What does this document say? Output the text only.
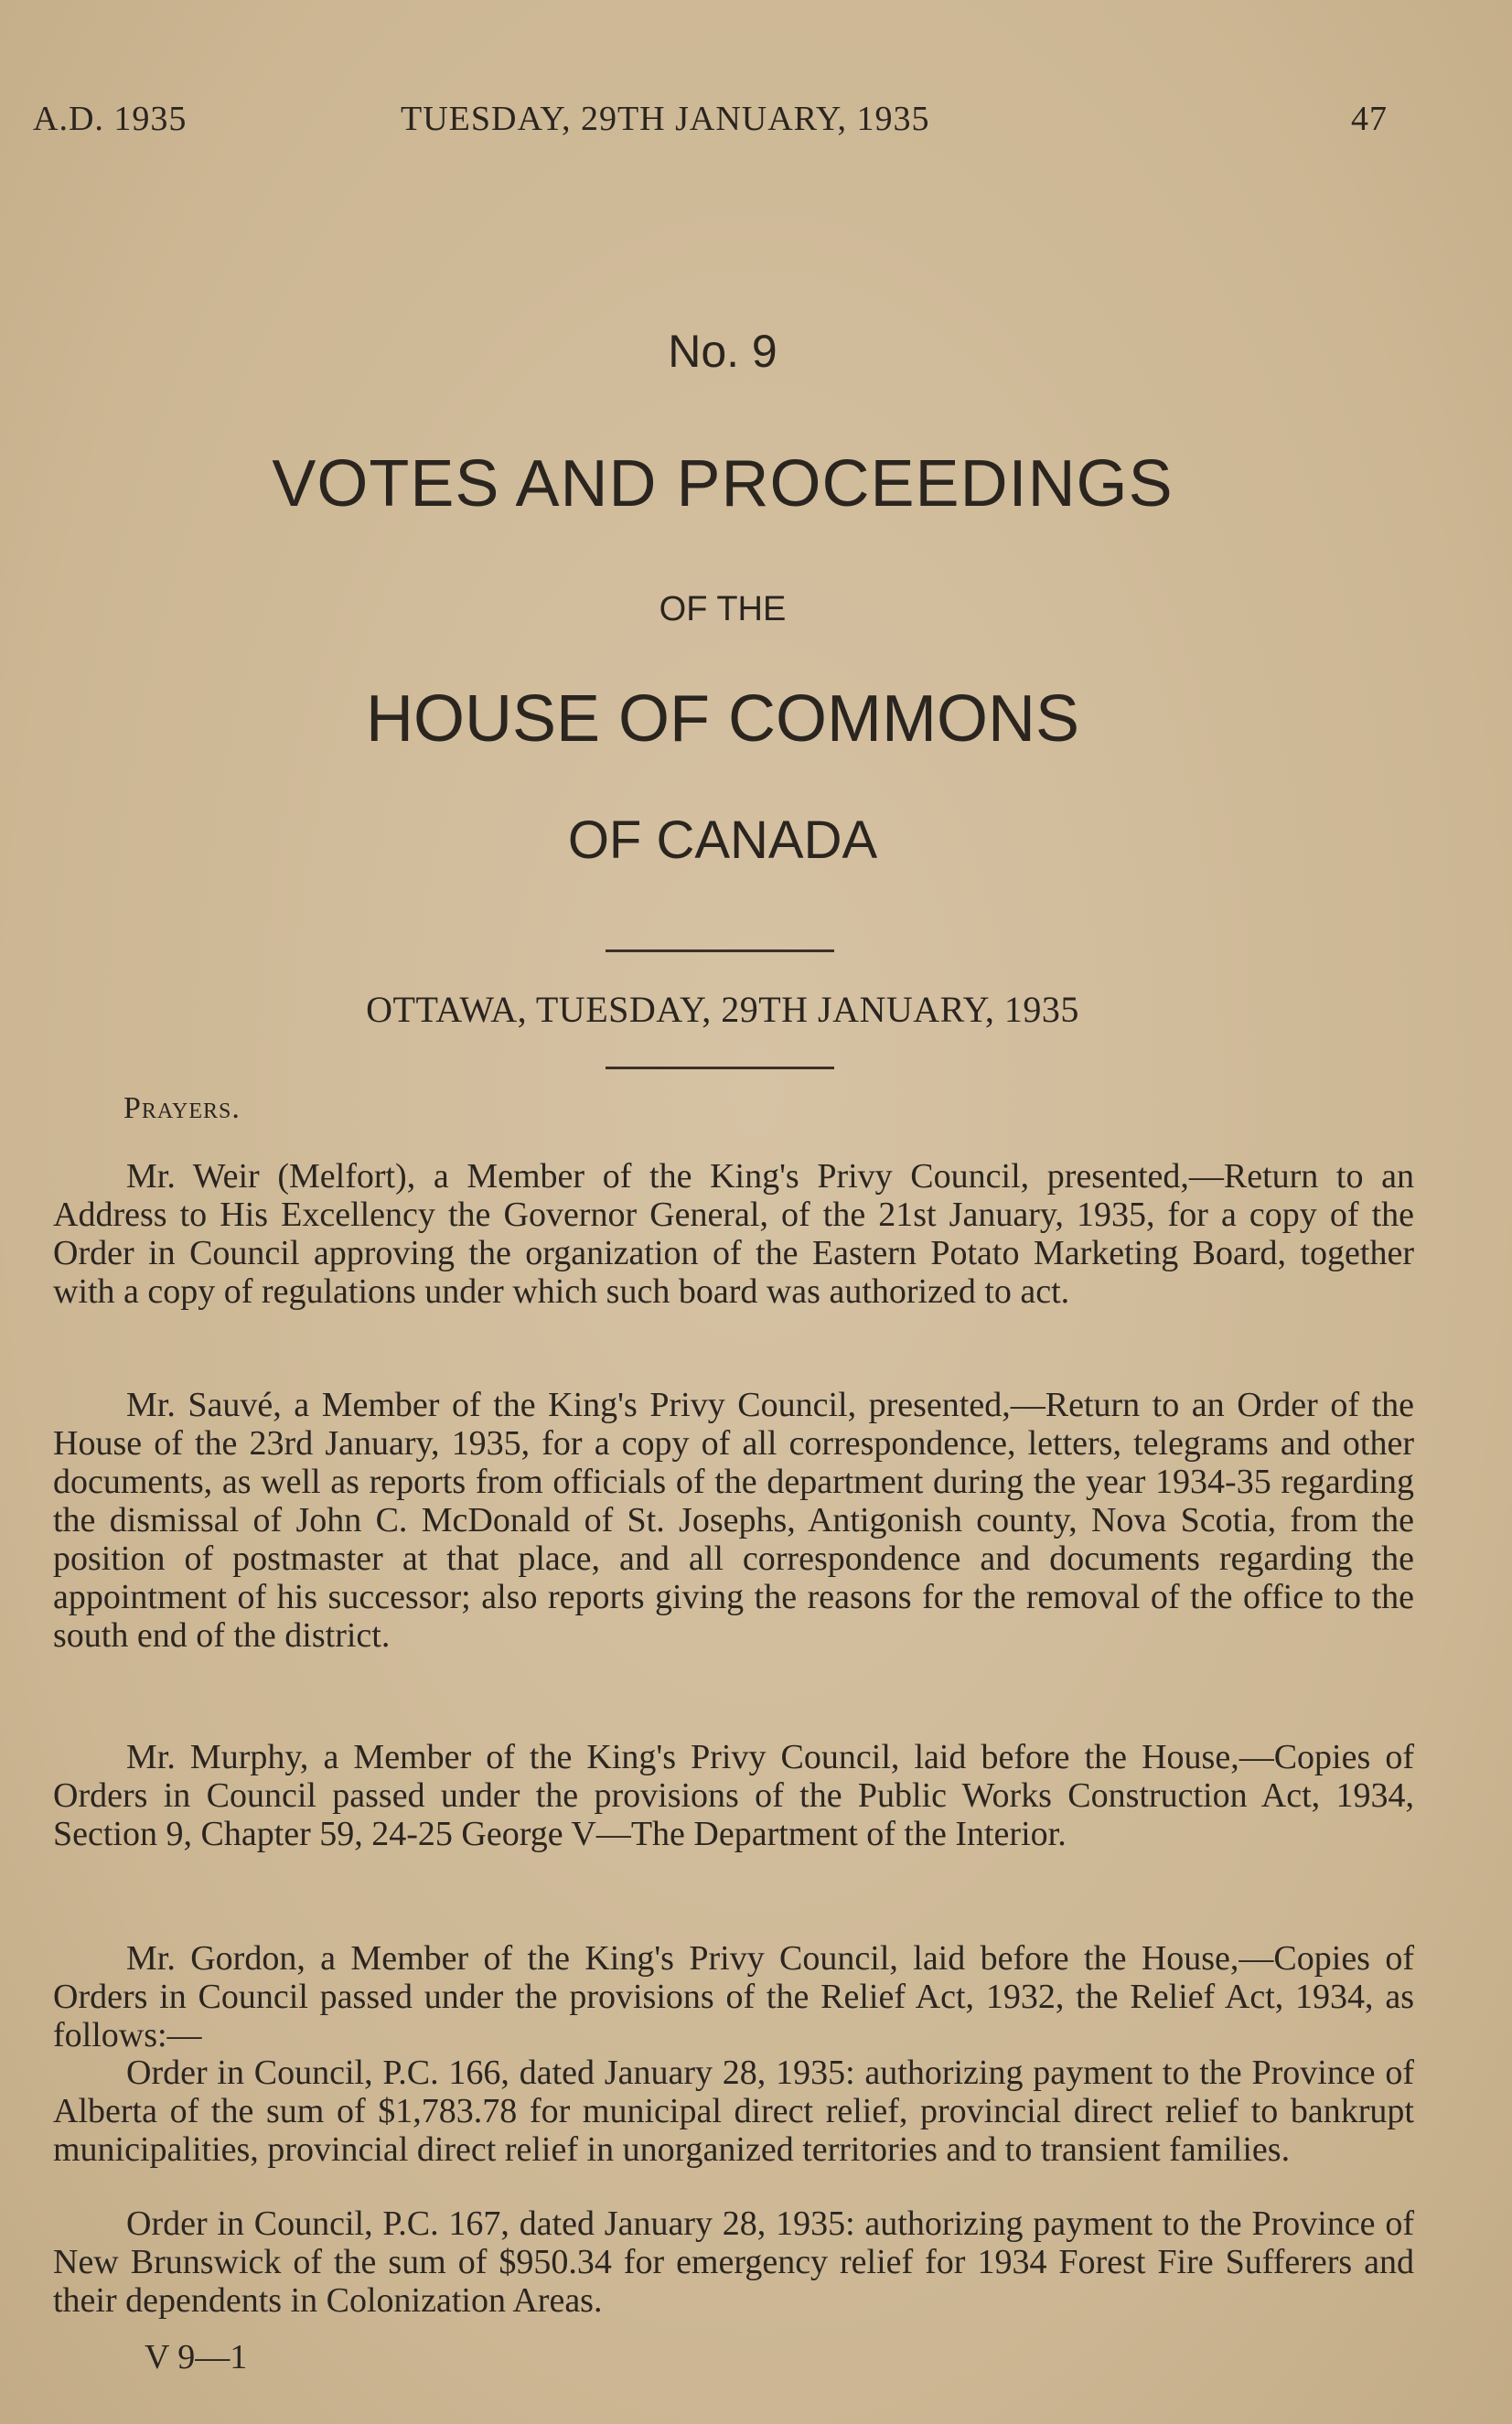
A.D. 1935	TUESDAY, 29TH JANUARY, 1935	47
No. 9
VOTES AND PROCEEDINGS
OF THE
HOUSE OF COMMONS
OF CANADA
OTTAWA, TUESDAY, 29TH JANUARY, 1935
Prayers.

Mr. Weir (Melfort), a Member of the King's Privy Council, presented,—Return to an Address to His Excellency the Governor General, of the 21st January, 1935, for a copy of the Order in Council approving the organization of the Eastern Potato Marketing Board, together with a copy of regulations under which such board was authorized to act.

Mr. Sauvé, a Member of the King's Privy Council, presented,—Return to an Order of the House of the 23rd January, 1935, for a copy of all correspondence, letters, telegrams and other documents, as well as reports from officials of the department during the year 1934-35 regarding the dismissal of John C. McDonald of St. Josephs, Antigonish county, Nova Scotia, from the position of postmaster at that place, and all correspondence and documents regarding the appointment of his successor; also reports giving the reasons for the removal of the office to the south end of the district.

Mr. Murphy, a Member of the King's Privy Council, laid before the House,—Copies of Orders in Council passed under the provisions of the Public Works Construction Act, 1934, Section 9, Chapter 59, 24-25 George V—The Department of the Interior.

Mr. Gordon, a Member of the King's Privy Council, laid before the House,—Copies of Orders in Council passed under the provisions of the Relief Act, 1932, the Relief Act, 1934, as follows:—

Order in Council, P.C. 166, dated January 28, 1935: authorizing payment to the Province of Alberta of the sum of $1,783.78 for municipal direct relief, provincial direct relief to bankrupt municipalities, provincial direct relief in unorganized territories and to transient families.

Order in Council, P.C. 167, dated January 28, 1935: authorizing payment to the Province of New Brunswick of the sum of $950.34 for emergency relief for 1934 Forest Fire Sufferers and their dependents in Colonization Areas.

V 9—1
